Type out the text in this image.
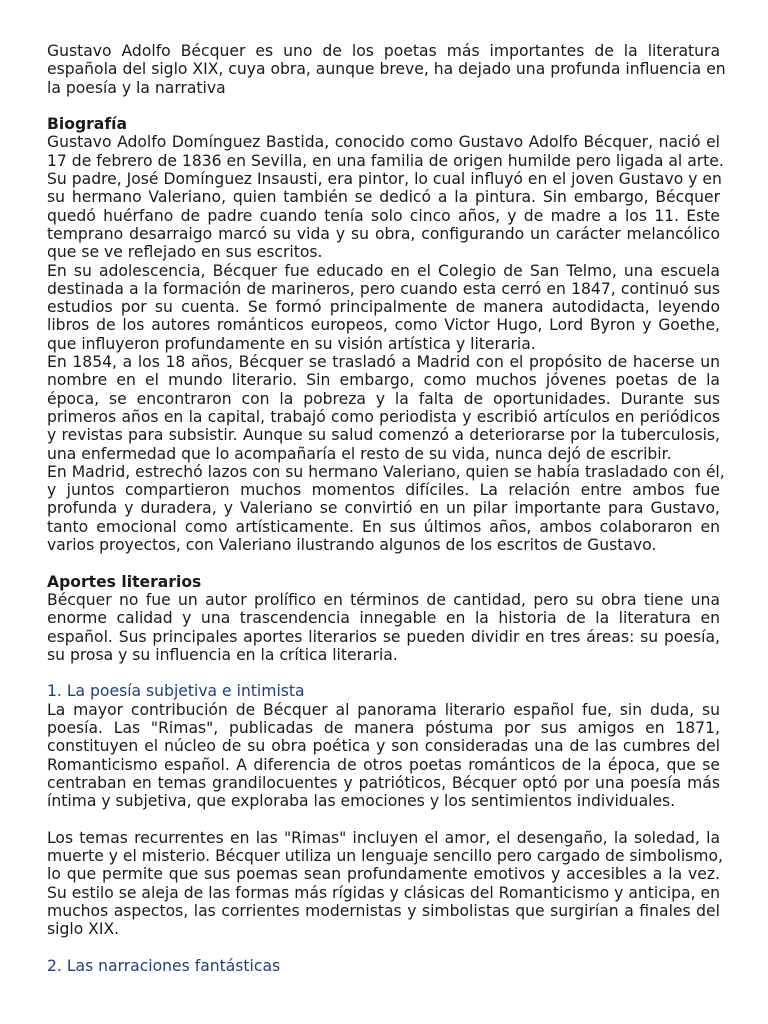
Gustavo Adolfo Bécquer es uno de los poetas más importantes de la literatura
española del siglo XIX, cuya obra, aunque breve, ha dejado una profunda influencia en
la poesía y la narrativa
Biografía
Gustavo Adolfo Domínguez Bastida, conocido como Gustavo Adolfo Bécquer, nació el
17 de febrero de 1836 en Sevilla, en una familia de origen humilde pero ligada al arte.
Su padre, José Domínguez Insausti, era pintor, lo cual influyó en el joven Gustavo y en
su hermano Valeriano, quien también se dedicó a la pintura. Sin embargo, Bécquer
quedó huérfano de padre cuando tenía solo cinco años, y de madre a los 11. Este
temprano desarraigo marcó su vida y su obra, configurando un carácter melancólico
que se ve reflejado en sus escritos.
En su adolescencia, Bécquer fue educado en el Colegio de San Telmo, una escuela
destinada a la formación de marineros, pero cuando esta cerró en 1847, continuó sus
estudios por su cuenta. Se formó principalmente de manera autodidacta, leyendo
libros de los autores románticos europeos, como Victor Hugo, Lord Byron y Goethe,
que influyeron profundamente en su visión artística y literaria.
En 1854, a los 18 años, Bécquer se trasladó a Madrid con el propósito de hacerse un
nombre en el mundo literario. Sin embargo, como muchos jóvenes poetas de la
época, se encontraron con la pobreza y la falta de oportunidades. Durante sus
primeros años en la capital, trabajó como periodista y escribió artículos en periódicos
y revistas para subsistir. Aunque su salud comenzó a deteriorarse por la tuberculosis,
una enfermedad que lo acompañaría el resto de su vida, nunca dejó de escribir.
En Madrid, estrechó lazos con su hermano Valeriano, quien se había trasladado con él,
y juntos compartieron muchos momentos difíciles. La relación entre ambos fue
profunda y duradera, y Valeriano se convirtió en un pilar importante para Gustavo,
tanto emocional como artísticamente. En sus últimos años, ambos colaboraron en
varios proyectos, con Valeriano ilustrando algunos de los escritos de Gustavo.
Aportes literarios
Bécquer no fue un autor prolífico en términos de cantidad, pero su obra tiene una
enorme calidad y una trascendencia innegable en la historia de la literatura en
español. Sus principales aportes literarios se pueden dividir en tres áreas: su poesía,
su prosa y su influencia en la crítica literaria.
1. La poesía subjetiva e intimista
La mayor contribución de Bécquer al panorama literario español fue, sin duda, su
poesía. Las "Rimas", publicadas de manera póstuma por sus amigos en 1871,
constituyen el núcleo de su obra poética y son consideradas una de las cumbres del
Romanticismo español. A diferencia de otros poetas románticos de la época, que se
centraban en temas grandilocuentes y patrióticos, Bécquer optó por una poesía más
íntima y subjetiva, que exploraba las emociones y los sentimientos individuales.
Los temas recurrentes en las "Rimas" incluyen el amor, el desengaño, la soledad, la
muerte y el misterio. Bécquer utiliza un lenguaje sencillo pero cargado de simbolismo,
lo que permite que sus poemas sean profundamente emotivos y accesibles a la vez.
Su estilo se aleja de las formas más rígidas y clásicas del Romanticismo y anticipa, en
muchos aspectos, las corrientes modernistas y simbolistas que surgirían a finales del
siglo XIX.
2. Las narraciones fantásticas
